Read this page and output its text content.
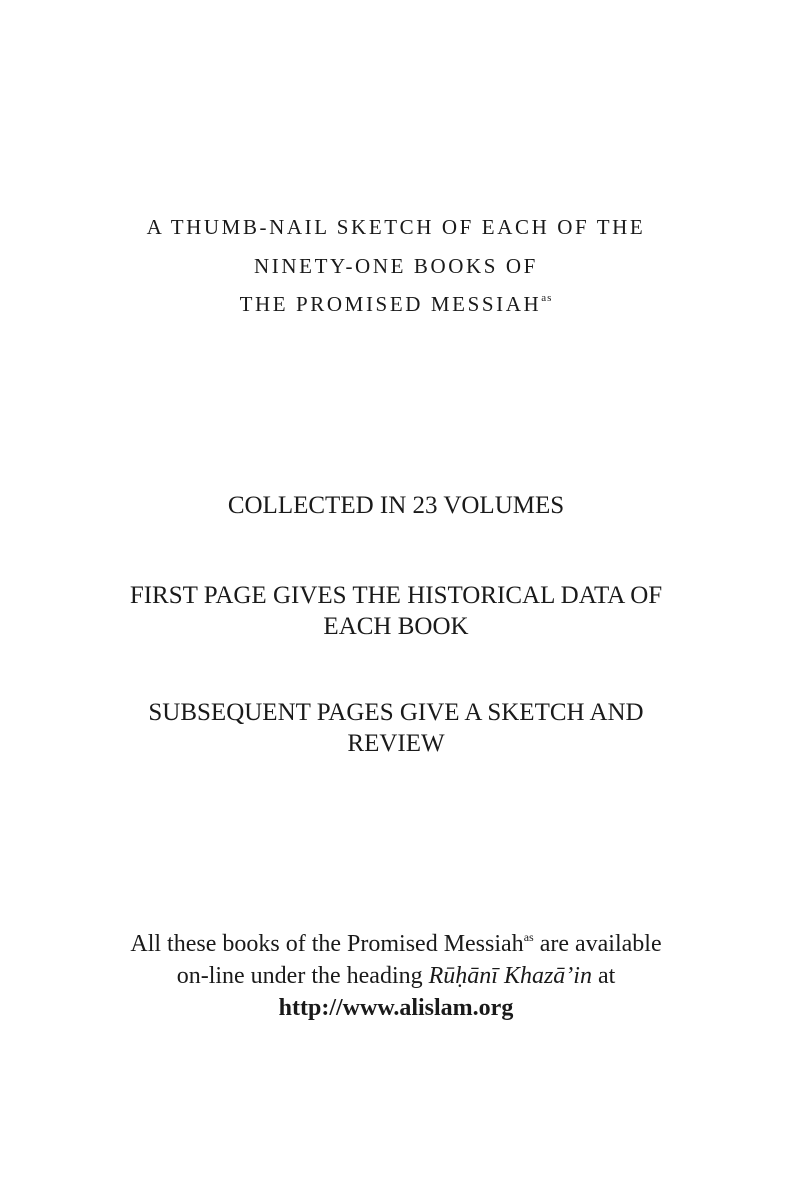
A THUMB-NAIL SKETCH OF EACH OF THE
NINETY-ONE BOOKS OF
THE PROMISED $MESSIAH^{as}$
COLLECTED IN 23 VOLUMES
FIRST PAGE GIVES THE HISTORICAL DATA OF
EACH BOOK
SUBSEQUENT PAGES GIVE A SKETCH AND
REVIEW
All these books of the Promised Messiah$^{as}$ are available
on-line under the heading Rūḥānī Khazā’in at
http://www.alislam.org
